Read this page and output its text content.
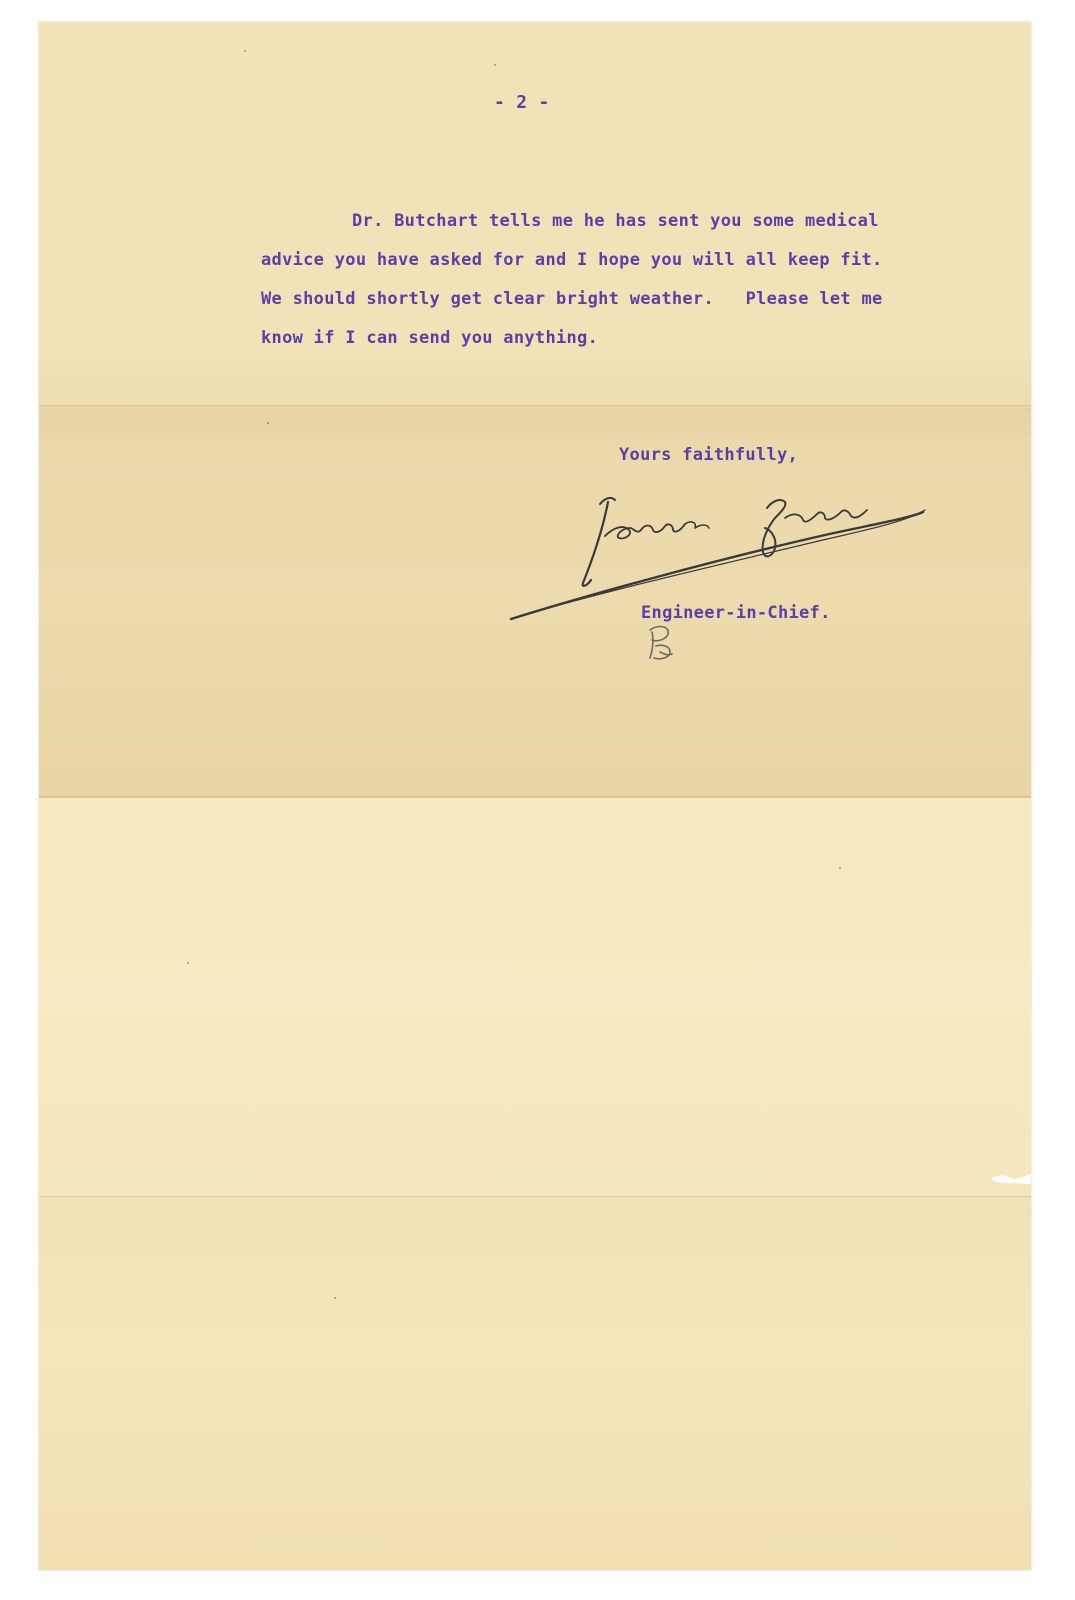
- 2 -

Dr. Butchart tells me he has sent you some medical

advice you have asked for and I hope you will all keep fit.

We should shortly get clear bright weather.   Please let me

know if I can send you anything.

Yours faithfully,

Engineer-in-Chief.
